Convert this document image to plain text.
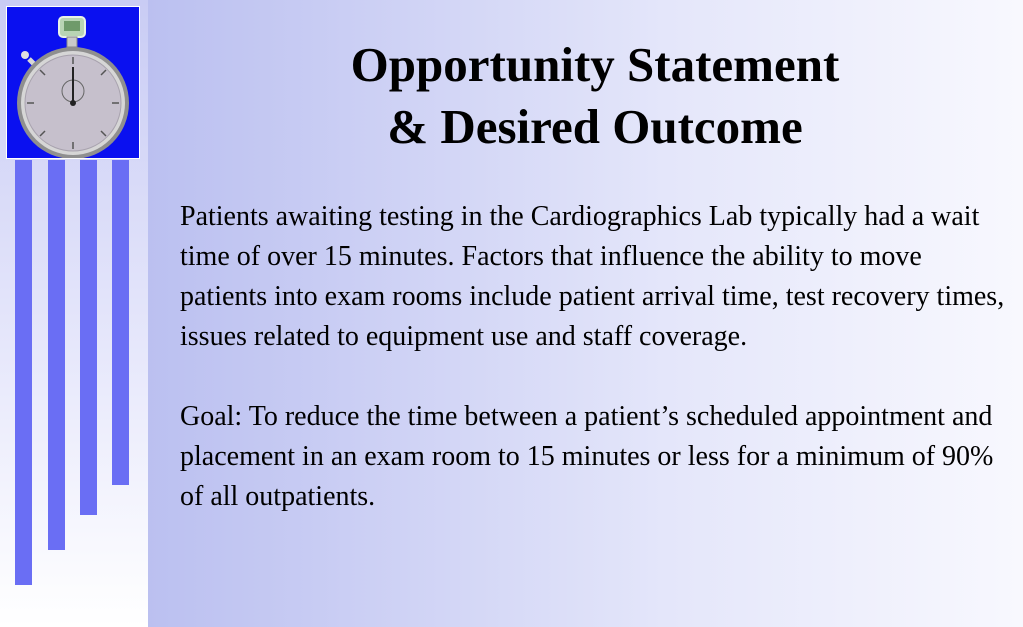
Opportunity Statement
& Desired Outcome

Patients awaiting testing in the Cardiographics Lab typically had a wait time of over 15 minutes. Factors that influence the ability to move patients into exam rooms include patient arrival time, test recovery times, issues related to equipment use and staff coverage.

Goal: To reduce the time between a patient’s scheduled appointment and placement in an exam room to 15 minutes or less for a minimum of 90% of all outpatients.
